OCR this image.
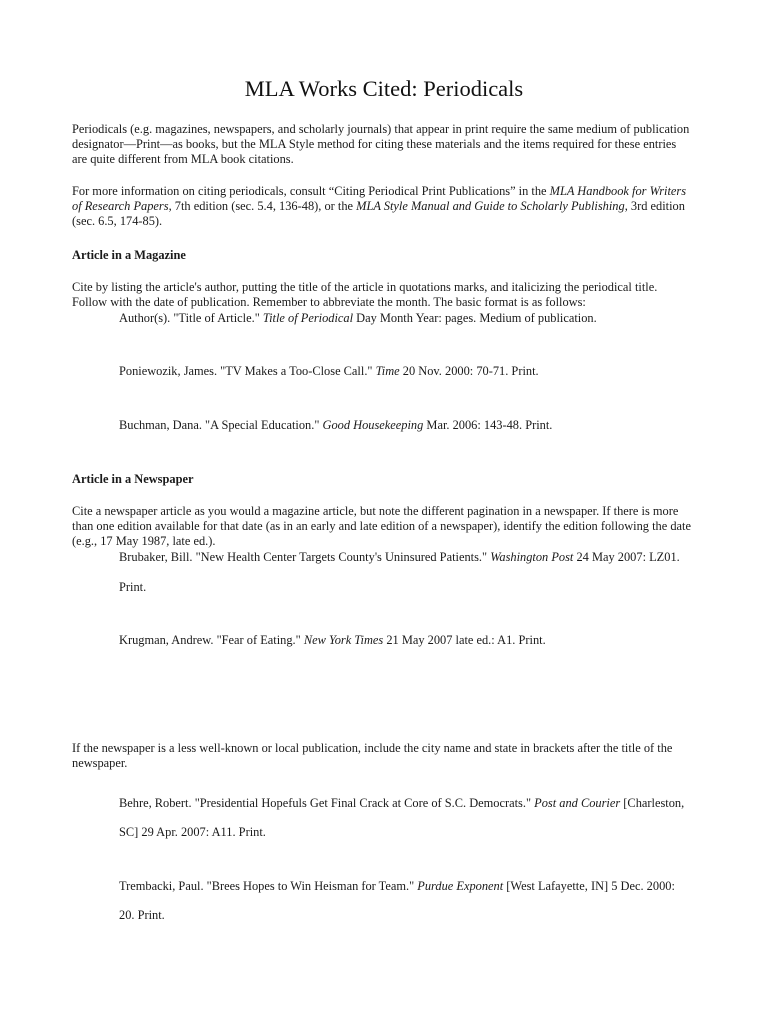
MLA Works Cited: Periodicals
Periodicals (e.g. magazines, newspapers, and scholarly journals) that appear in print require the same medium of publication designator—Print—as books, but the MLA Style method for citing these materials and the items required for these entries are quite different from MLA book citations.
For more information on citing periodicals, consult “Citing Periodical Print Publications” in the MLA Handbook for Writers of Research Papers, 7th edition (sec. 5.4, 136-48), or the MLA Style Manual and Guide to Scholarly Publishing, 3rd edition (sec. 6.5, 174-85).
Article in a Magazine
Cite by listing the article's author, putting the title of the article in quotations marks, and italicizing the periodical title. Follow with the date of publication. Remember to abbreviate the month. The basic format is as follows:
Author(s). "Title of Article." Title of Periodical Day Month Year: pages. Medium of publication.
Poniewozik, James. "TV Makes a Too-Close Call." Time 20 Nov. 2000: 70-71. Print.
Buchman, Dana. "A Special Education." Good Housekeeping Mar. 2006: 143-48. Print.
Article in a Newspaper
Cite a newspaper article as you would a magazine article, but note the different pagination in a newspaper. If there is more than one edition available for that date (as in an early and late edition of a newspaper), identify the edition following the date (e.g., 17 May 1987, late ed.).
Brubaker, Bill. "New Health Center Targets County's Uninsured Patients." Washington Post 24 May 2007: LZ01.
Print.
Krugman, Andrew. "Fear of Eating." New York Times 21 May 2007 late ed.: A1. Print.
If the newspaper is a less well-known or local publication, include the city name and state in brackets after the title of the newspaper.
Behre, Robert. "Presidential Hopefuls Get Final Crack at Core of S.C. Democrats." Post and Courier [Charleston,
SC] 29 Apr. 2007: A11. Print.
Trembacki, Paul. "Brees Hopes to Win Heisman for Team." Purdue Exponent [West Lafayette, IN] 5 Dec. 2000:
20. Print.
